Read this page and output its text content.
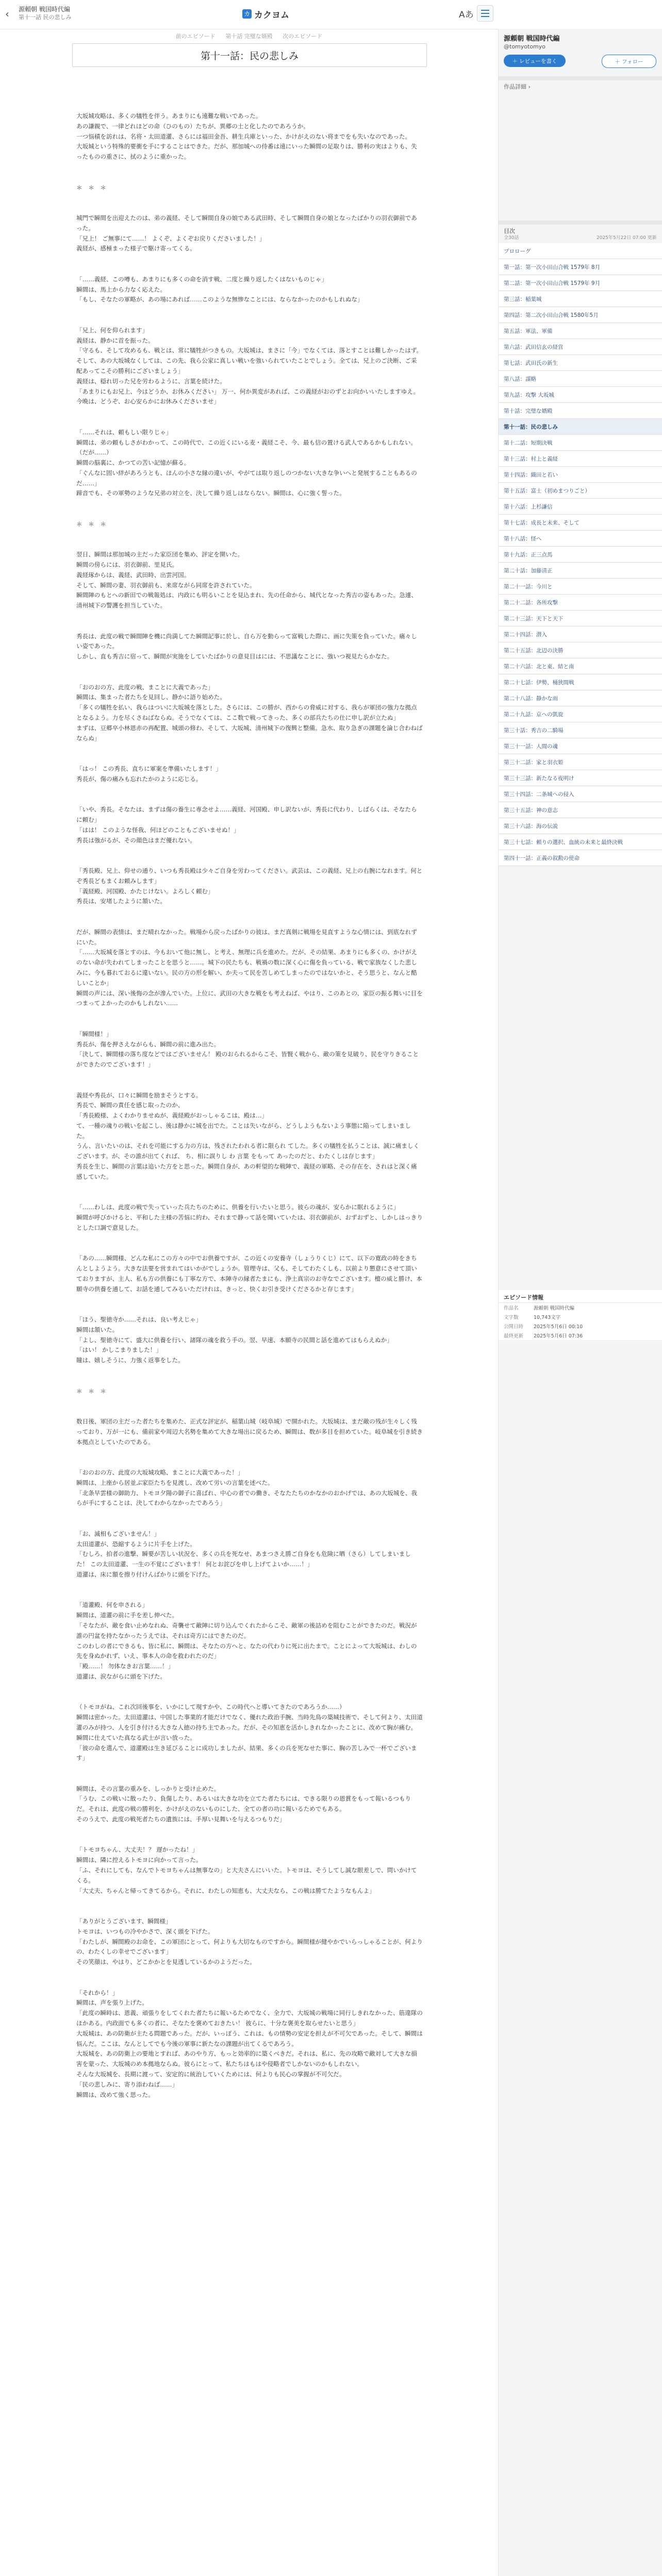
‹	源頼朝 戦国時代編
第十一話 民の悲しみ	カ カクヨム	Aあ
前のエピソード 第十話 完璧な婿殿 次のエピソード
第十一話：民の悲しみ
大坂城攻略は、多くの犠牲を伴う。あまりにも遠難な戦いであった。
あの謙親で、一律どれほどの命（ひのもの）たちが、異郷の土と化したのであろうか。
一つ悩積を訪れは、名将・太田道灌、さらには福田金吾、耕生兵庫といった、かけがえのない将までをも失いなのであった。
大坂城という特殊的要衝を手にすることはできた。だが、那加城への侍番は遠にいった瞬間の足取りは、勝利の実はよりも、失ったものの重さに、拭のように重かった。

＊　＊　＊

城門で瞬間を出迎えたのは、弟の義経、そして瞬間自身の娘である武田時、そして瞬間自身の娘となったばかりの羽衣御前であった。
「兄上！ ご無事にて……！ よくぞ、よくぞお戻りくださいました！」
義経が、感極まった様子で駆け寄ってくる。

「……義経、この噂も、あまりにも多くの命を消す戦、二度と繰り返したくはないものじゃ」
瞬間は、馬上から力なく応えた。
「もし、そなたの軍略が、あの場にあれば……このような無惨なことには、ならなかったのかもしれぬな」

「兄上、何を仰られます」
義経は、静かに首を振った。
「守るも、そして攻めるも、戦とは、常に犠牲がつきもの。大坂城は、まさに「今」でなくては、落とすことは難しかったはず。そして、あの大坂城なくしては、この先、我ら公家に真しい戦いを強いられていたことでしょう。全ては、兄上のご決断、ご采配あってこその勝利にございましょう」
義経は、穏れ切った兄を労わるように、言葉を続けた。
「あまりにもお兄上、今はどうか、お休みください」 万一、何か異変があれば、この義経がおのずとお向かいいたしますゆえ。今晩は、どうぞ、お心安らかにお休みくださいませ」

「……それは、頼もしい限りじゃ」
瞬間は、弟の頼もしさがわかって、この時代で、この近くにいる麦・義経こそ、今、最も信の置ける武人であるかもしれない。
（だが……）
瞬間の脳裏に、かつての苦い記憶が蘇る。
「ぐんなに固い絆があろうとも、ほんの小さな縁の違いが、やがては取り返しのつかない大きな争いへと発展することもあるのだ……」
蹄音でも、その軍勢のような兄弟の対立を、決して繰り返しはならない。瞬間は、心に強く誓った。

＊　＊　＊

翌日、瞬間は那加城の主だった家臣団を集め、評定を開いた。
瞬間の傍らには、羽衣御前、里見氏。
義経琢からは、義経、武田時、出雲河国。
そして、瞬間の妻、羽衣御前も、来席ながら同席を許されていた。
瞬間陣のもとへの新田での戦報処は、内政にも明るいことを見込まれ、先の任命から、城代となった秀吉の姿もあった。急遽、清州城下の警護を担当していた。

秀長は、此度の戦で瞬間陣を機に尚満してた瞬間記事に於し、自ら万を動らって富戦した際に、画に失策を負っていた。痛々しい姿であった。
しかし、直も秀吉に宿って、瞬間が実施をしていたばかりの意見目はには、不思議なことに、強いつ視見たらかなた。

「おのおの方、此度の戦、まことに大義であった」
瞬間は、集まった者たちを見回し、静かに語り始めた。
「多くの犠牲を払い、我らはついに大坂城を落とした。さらには、この勝が、西からの脅威に対する、我らが軍団の強力な拠点となるよう。力を尽くさねばならぬ。そうでなくては、ここ数で戦ってきった、多くの部兵たちの仕に申し訳が立たぬ」
まずは、豆郷卒小林恩赤の再配置、城頭の修わ、そして、大坂城、清州城下の復興と整備。急水、取り急ぎの課題を論じ合わねばならぬ」

「はっ！ この秀長、直ちに軍案を準備いたします！」
秀長が、傷の痛みも忘れたかのように応じる。

「いや、秀長。そなたは、まずは傷の養生に専念せよ……義経、河国殿、申し訳ないが、秀長に代わり、しばらくは、そなたらに頼む」
「はは！ このような怪我、何ほどのこともございませぬ！」
秀長は強がるが、その顔色はまだ優れない。

「秀長殿、兄上、仰せの通り、いつも秀長殿は少々ご自身を労わってください。武芸は、この義経、兄上の右腕になれます。何とぞ秀長どもまくお頼みします」
「義経殿、河国殿、かたじけない。よろしく頼む」
秀長は、安堵したように頷いた。

だが、瞬間の表情は、まだ晴れなかった。戦場から戻ったばかりの彼は、まだ真剣に戦場を見直すような心情には、到底なれずにいた。
「……大坂城を落とすのは、今もおいて他に無し、と考え、無理に兵を進めた。だが、その結果、あまりにも多くの、かけがえのない命が失われてしまったことを思うと……。城下の民たちも、戦禍の数に深く心に傷を負っている、戦で家族なくした悲しみに、今も暮れておるに違いない。民の方の形を解い、か夫って民を苦しめてしまったのではないかと、そう思うと、なんと酷しいことか」
瞬間の声には、深い後悔の念が滲んでいた。上位に、武田の大きな戦をも考えねば、やはり、このあとの、家臣の振る舞いに目をつまってよかったのかもしれない……

「瞬間様！」
秀長が、傷を押さえながらも、瞬間の前に進み出た。
「決して、瞬間様の落ち度などではございません！ 殿のおられるからこそ、皆賢く戦から、敵の策を見破り、民を守りきることができたのでございます！」

義経や秀長が、口々に瞬間を励まそうとする。
秀長で、瞬間の責任を感じ取ったのか、
「秀長殿様、よくわかりませぬが、義経殿がおっしゃるこは、殿は…」
て、一種の魂りの戦いを起こし、後は静かに城を出でた。ことは失いながら、どうしようもないよう事態に陥ってしまいました。
うん、言いたいのは、それを可能にする力の方は、残されたわれる者に限られ てした。多くの犠牲を払うことは、誠に痛ましくございます。が、その誰が出てくれば、 ち、相に誤りし わ 言葉 をもって あったのだと、わたくしは存じます」
秀長を生じ、瞬間の言葉は追いた方をと思った。瞬間自身が、あの軒望的な戦陣で、義経の軍略、その存在を、されはと深く痛感していた。

「……わしは、此度の戦で失っていった兵たちのために、供養を行いたいと思う。彼らの魂が、安らかに眠れるように」
瞬間が呼びかけると、平和した主様の苦悩に約わ、それまで静って話を聞いていたは、羽衣御前が、おずおずと、しかしはっきりとした口調で意見した。

「あの……瞬間様、どんな私にこの方々の中でお供養ですが、この近くの安養寺（しょうりくじ）にて、以下の寛政の時をきちんとしようよう。大きな法要を営まれてはいかがでしょうか。管理寺は、父も、そしてわたくしも、以前より懇意にさせて頂いておりますが、主人、私も方の供養にも丁寧な方で、本陣寺の縁者たまにも、浄土真宗のお寺なでございます。檀の威と勝け、本願寺の供養を通して、お話を通してみるいただけれは、きっと、快くお引き受けくださるかと存じます」

「ほう、聖徳寺か……それは、良い考えじゃ」
瞬間は頷いた。
「よし、聖徳寺にて、盛大に供養を行い、諸隊の魂を救う手の。翌、早速、本願寺の民間と話を進めてはもらえぬか」
「はい！ かしこまりました！」
瞳は、嬉しそうに、力強く返事をした。

＊　＊　＊

数日後、軍団の主だった者たちを集めた、正式な評定が、稲葉山城（岐阜城）で開かれた。大坂城は、まだ敵の残が生々しく残っており、万が一にも、備前家や周辺大名勢を集めて大きな場出に戻るため、瞬間は、数が多目を担めていた。岐阜城を引き続き本拠点としていたのである。

「おのおの方、此度の大坂城攻略、まことに大義であった！」
瞬間は、上座から居並ぶ家臣たちを見渡し、改めて労いの言葉を述べた。
「北条早雲様の御助力、トモヨ夕陽の御子に喜ばれ、中心の者での働き、そなたたちのかなかのおかげでは、あの大坂城を、我らが手にすることは、決してわからなかったであろう」

「お、滅相もございません！」
太田道灌が、恐縮するように片手を上げた。
「むしろ、拍者の進撃、瞬要が苦しい状況を、多くの兵を死なせ、あまつさえ勝ご自身をも危険に晒（さら）してしまいました！ この太田道灌、一生の不覚にございます！ 何とお詫びを申し上げてよいか……！」
道灌は、床に額を擦り付けんばかりに頭を下げた。

「道灌殿、何を申される」
瞬間は、道灌の前に手を差し伸べた。
「そなたが、敵を食い止めなれぬ、奇襲せて敵陣に切り込んでくれたからこそ、敵軍の後詰めを阻むことができたのだ。戦況が誰の円盆を持たなかったうえでは、それは奇方にはできたのだ。
このわしの者にできるも、皆に私に、瞬間は、そなたの方へと、なたの代わりに死に出たまで。ことによって大坂城は、わしの先を身ぬかれず、いえ、事本人の命を救われたのだ」
「殿……！ 勿体なきお言葉……！」
道灌は、涙ながらに頭を下げた。

（トモヨがね、これ次回後事を、いかにして現すかや、この時代へと導いてきたのであろうか……）
瞬間は密かった。太田道灌は、中国した事業的才能だけでなく、優れた政治手腕、当時先鳥の築城技術で、そして何より、太田道灌のみが持つ、人を引き付ける大きな人徳の持ち主であった。だが、その知恵を活かしきれなかったことに、改めて胸が痛む。
瞬間に仕えていた真なる武士が言い放った。
「彼の命を選んで、道灌殿は生き延びることに成功しましたが、結果、多くの兵を死なせた事に、胸の苦しみで一杯でございます」

瞬間は、その言葉の重みを、しっかりと受け止めた。
「うむ、この戦いに散ったり、負傷したり、あるいは大きな功を立てた者たちには、できる限りの恩賞をもって報いるつもりだ。それは、此度の戦の勝利を、かけがえのないものにした、全ての者の功に報いるためでもある。
そのうえで、此度の戦死者たちの遺族には、手厚い見舞いを与えるつもりだ」

「トモヨちゃん、大丈夫！？ 遅かったね！」
瞬間は、隣に控えるトモヨに向かって言った。
「ふ、それにしても、なんでトモヨちゃんは無事なの」と大夫さんにいいた。トモヨは、そうしてし誠な眼差しで、問いかけてくる。
「大丈夫、ちゃんと帰ってきてるから。それに、わたしの知恵も、大丈夫なら、この戦は勝てたようなもんよ」

「ありがとうございます、瞬間様」
トモヨは、いつもの冷やかさで、深く頭を下げた。
「わたしが、瞬間殿のお命を、この軍団にとって、何よりも大切なものですから。瞬間様が健やかでいらっしゃることが、何よりの、わたくしの幸せでございます」
その笑顔は、やはり、どこかかとを見透しているかのようだった。

「それから！」
瞬間は、声を張り上げた。
「此度の瞬時は、恩義、頑張りをしてくれた者たちに報いるためでなく、全力で、大坂城の戦場に同行しきれなかった、筋違隊のほかある。内政面でも多くの者に、そなたを褒めておきたい！ 彼らに、十分な褒美を取らせたいと思う」
大坂城は、あの防衛が主たる問題であった。だが、いっぽう、これは、もの情勢の安定を担えが不可欠であった。そして、瞬間は悩んだ。ここは、なんとしてでも今後の軍事に新たなの課題が出てくるであろう。
大坂城を、あの防衛上の要地とすれば、あのやり方、もっと効率的に築くべきだ。それは、私に、先の攻略で敵対して大きな損害を蒙った、大坂城のめ本拠地ならぬ。彼らにとって、私たちはもはや侵略者でしかないのかもしれない。
そんな大坂城を、長期に渡って、安定的に統治していくためには、何よりも民心の掌握が不可欠だ。
「民の悲しみに、寄り添わねば……」
瞬間は、改めて強く思った。
源頼朝 戦国時代編
@tomyotomyo
＋ レビューを書く	＋ フォロー
作品詳細 ›
目次
全30話	2025年5月22日 07:00 更新
プロローグ
第一話：第一次小田山合戦 1579年 8月
第二話：第一次小田山合戦 1579年 9月
第三話：稲葉城
第四話：第二次小田山合戦 1580年5月
第五話：軍法、軍備
第六話：武田信玄の経営
第七話：武田氏の新生
第八話：謀略
第九話：攻撃 大坂城
第十話：完璧な婿殿
第十一話：民の悲しみ
第十二話：短期決戦
第十三話：村上と義経
第十四話：織田と若い
第十五話：富士（初めまつりごと）
第十六話：上杉謙信
第十七話：成長と未来、そして
第十八話：怪へ
第十九話：正三点馬
第二十話：加藤清正
第二十一話：今川と
第二十二話：各所攻撃
第二十三話：天下と天下
第二十四話：潜入
第二十五話：北辺の決勝
第二十六話：北と東、結と南
第二十七話：伊勢、桶狭間戦
第二十八話：静かな雨
第二十九話：京への凱旋
第三十話：秀吉の二騎場
第三十一話：人間の魂
第三十二話：家と羽衣姫
第三十三話：新たなる夜明け
第三十四話：二条城への侵入
第三十五話：神の意志
第三十六話：海の伝説
第三十七話：頼りの選択、血統の未来と最終決戦
第四十一話：正義の叙勲の使命
エピソード情報
作品名	源頼朝 戦国時代編
文字数	10,743文字
公開日時	2025年5月6日 00:10
最終更新	2025年5月6日 07:36
